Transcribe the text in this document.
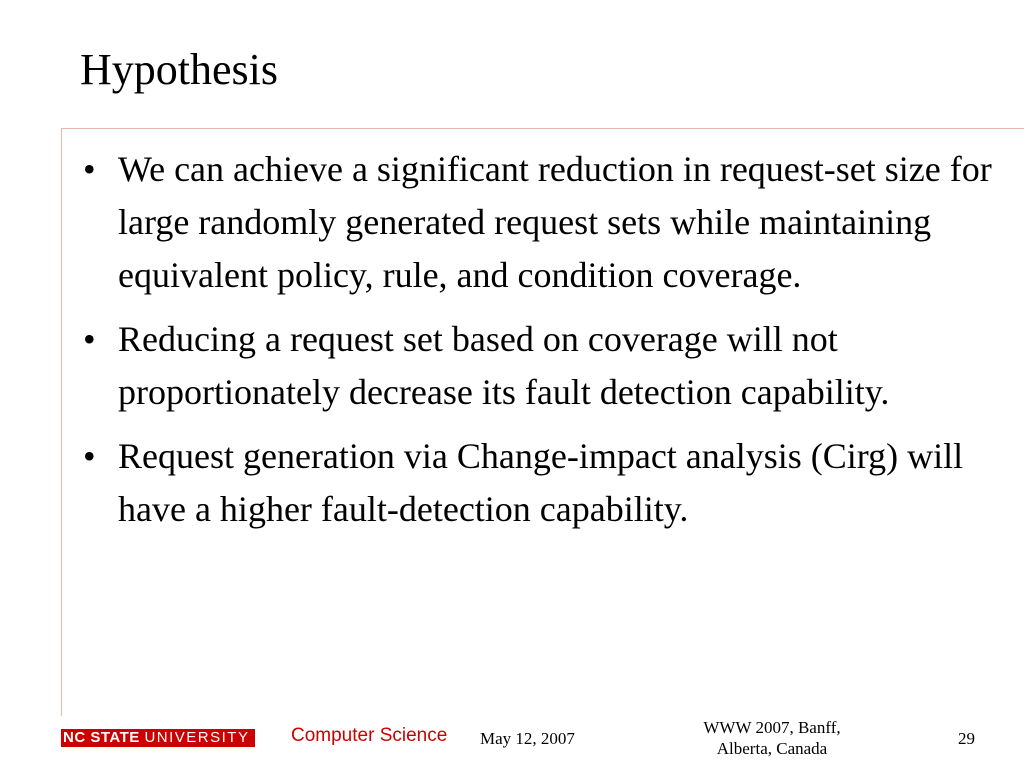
Hypothesis
• We can achieve a significant reduction in request-set size for large randomly generated request sets while maintaining equivalent policy, rule, and condition coverage.
• Reducing a request set based on coverage will not proportionately decrease its fault detection capability.
• Request generation via Change-impact analysis (Cirg) will have a higher fault-detection capability.
NC STATE UNIVERSITY	Computer Science May 12, 2007
WWW 2007, Banff,
Alberta, Canada
29
